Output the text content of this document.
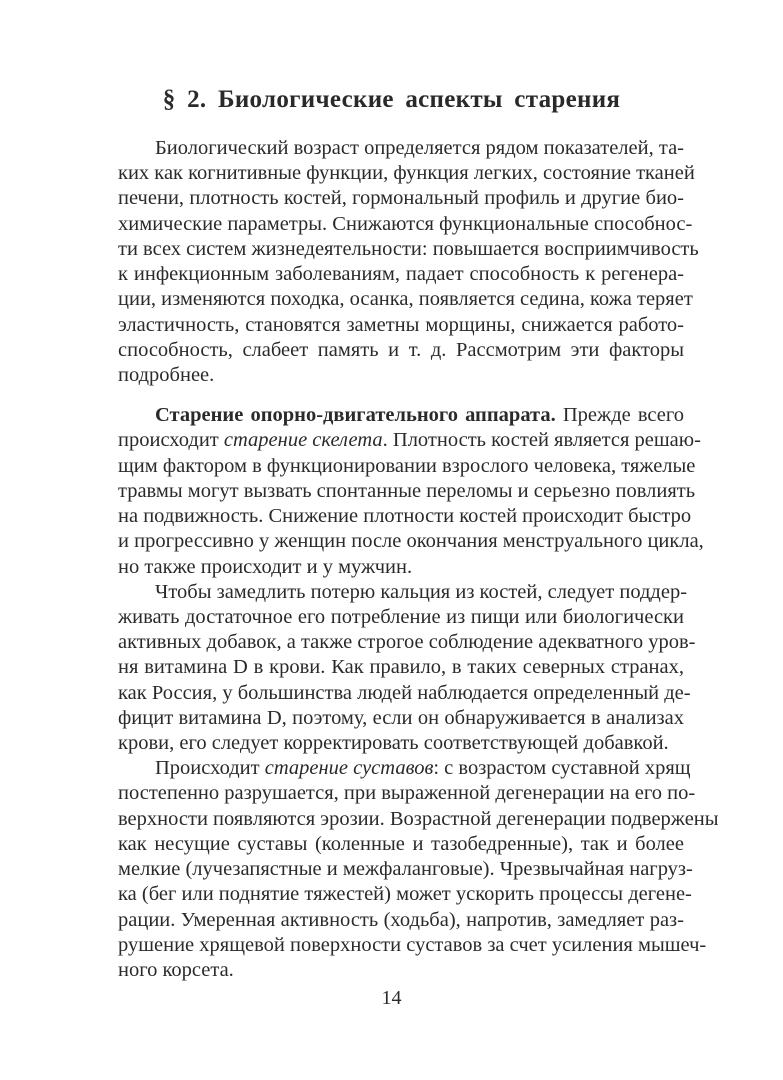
§ 2. Биологические аспекты старения
Биологический возраст определяется рядом показателей, та-
ких как когнитивные функции, функция легких, состояние тканей
печени, плотность костей, гормональный профиль и другие био-
химические параметры. Снижаются функциональные способнос-
ти всех систем жизнедеятельности: повышается восприимчивость
к инфекционным заболеваниям, падает способность к регенера-
ции, изменяются походка, осанка, появляется седина, кожа теряет
эластичность, становятся заметны морщины, снижается работо-
способность, слабеет память и т. д. Рассмотрим эти факторы
подробнее.
Старение опорно-двигательного аппарата. Прежде всего
происходит старение скелета. Плотность костей является решаю-
щим фактором в функционировании взрослого человека, тяжелые
травмы могут вызвать спонтанные переломы и серьезно повлиять
на подвижность. Снижение плотности костей происходит быстро
и прогрессивно у женщин после окончания менструального цикла,
но также происходит и у мужчин.
Чтобы замедлить потерю кальция из костей, следует поддер-
живать достаточное его потребление из пищи или биологически
активных добавок, а также строгое соблюдение адекватного уров-
ня витамина D в крови. Как правило, в таких северных странах,
как Россия, у большинства людей наблюдается определенный де-
фицит витамина D, поэтому, если он обнаруживается в анализах
крови, его следует корректировать соответствующей добавкой.
Происходит старение суставов: с возрастом суставной хрящ
постепенно разрушается, при выраженной дегенерации на его по-
верхности появляются эрозии. Возрастной дегенерации подвержены
как несущие суставы (коленные и тазобедренные), так и более
мелкие (лучезапястные и межфаланговые). Чрезвычайная нагруз-
ка (бег или поднятие тяжестей) может ускорить процессы дегене-
рации. Умеренная активность (ходьба), напротив, замедляет раз-
рушение хрящевой поверхности суставов за счет усиления мышеч-
ного корсета.
14
